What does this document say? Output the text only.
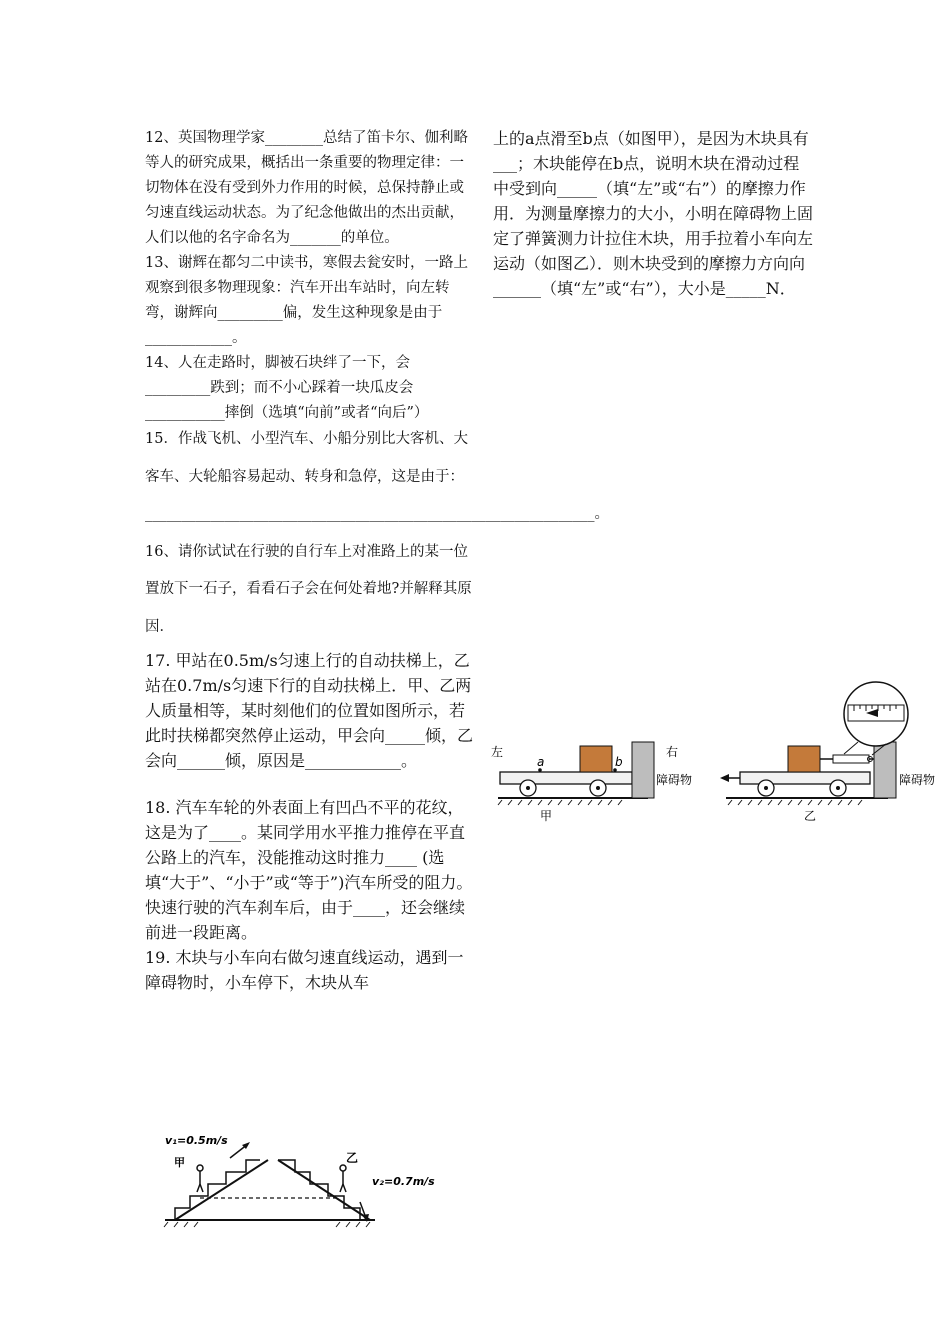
12、英国物理学家________总结了笛卡尔、伽利略等人的研究成果，概括出一条重要的物理定律：一切物体在没有受到外力作用的时候，总保持静止或匀速直线运动状态。为了纪念他做出的杰出贡献，人们以他的名字命名为_______的单位。

13、谢辉在都匀二中读书，寒假去瓮安时，一路上观察到很多物理现象：汽车开出车站时，向左转弯，谢辉向_________偏，发生这种现象是由于____________。

14、人在走路时，脚被石块绊了一下，会_________跌到；而不小心踩着一块瓜皮会___________摔倒（选填“向前”或者“向后”）

15．作战飞机、小型汽车、小船分别比大客机、大客车、大轮船容易起动、转身和急停，这是由于：______________________________________________________________。

16、请你试试在行驶的自行车上对准路上的某一位置放下一石子，看看石子会在何处着地?并解释其原因．

17. 甲站在0.5m/s匀速上行的自动扶梯上，乙站在0.7m/s匀速下行的自动扶梯上．甲、乙两人质量相等，某时刻他们的位置如图所示，若此时扶梯都突然停止运动，甲会向_____倾，乙会向______倾，原因是____________。

18. 汽车车轮的外表面上有凹凸不平的花纹，这是为了____。某同学用水平推力推停在平直公路上的汽车，没能推动这时推力____ (选填“大于”、“小于”或“等于”)汽车所受的阻力。快速行驶的汽车刹车后，由于____，还会继续前进一段距离。

19. 木块与小车向右做匀速直线运动，遇到一障碍物时，小车停下，木块从车

上的a点滑至b点（如图甲），是因为木块具有___；木块能停在b点，说明木块在滑动过程中受到向_____（填“左”或“右”）的摩擦力作用．为测量摩擦力的大小，小明在障碍物上固定了弹簧测力计拉住木块，用手拉着小车向左运动（如图乙）．则木块受到的摩擦力方向向______（填“左”或“右”），大小是_____N．

v₁=0.5m/s
甲	乙
v₂=0.7m/s
左
a	b
右
障碍物
甲
障碍物
乙
